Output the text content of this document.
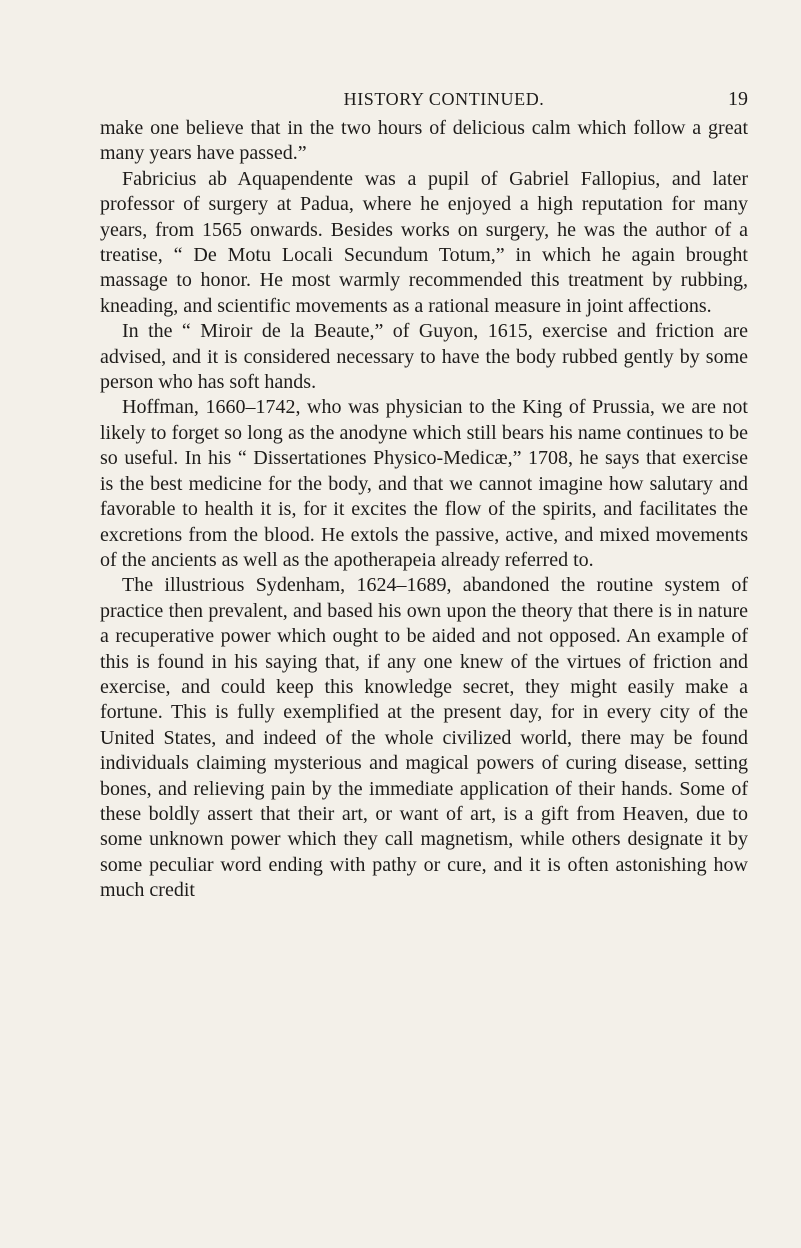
HISTORY CONTINUED.	19

make one believe that in the two hours of delicious calm which follow a great many years have passed.”

Fabricius ab Aquapendente was a pupil of Gabriel Fallopius, and later professor of surgery at Padua, where he enjoyed a high reputation for many years, from 1565 onwards. Besides works on surgery, he was the author of a treatise, “ De Motu Locali Secundum Totum,” in which he again brought massage to honor. He most warmly recommended this treatment by rubbing, kneading, and scientific movements as a rational measure in joint affections.

In the “ Miroir de la Beaute,” of Guyon, 1615, exercise and friction are advised, and it is considered necessary to have the body rubbed gently by some person who has soft hands.

Hoffman, 1660–1742, who was physician to the King of Prussia, we are not likely to forget so long as the anodyne which still bears his name continues to be so useful. In his “ Dissertationes Physico-Medicæ,” 1708, he says that exercise is the best medicine for the body, and that we cannot imagine how salutary and favorable to health it is, for it excites the flow of the spirits, and facilitates the excretions from the blood. He extols the passive, active, and mixed movements of the ancients as well as the apotherapeia already referred to.

The illustrious Sydenham, 1624–1689, abandoned the routine system of practice then prevalent, and based his own upon the theory that there is in nature a recuperative power which ought to be aided and not opposed. An example of this is found in his saying that, if any one knew of the virtues of friction and exercise, and could keep this knowledge secret, they might easily make a fortune. This is fully exemplified at the present day, for in every city of the United States, and indeed of the whole civilized world, there may be found individuals claiming mysterious and magical powers of curing disease, setting bones, and relieving pain by the immediate application of their hands. Some of these boldly assert that their art, or want of art, is a gift from Heaven, due to some unknown power which they call magnetism, while others designate it by some peculiar word ending with pathy or cure, and it is often astonishing how much credit
